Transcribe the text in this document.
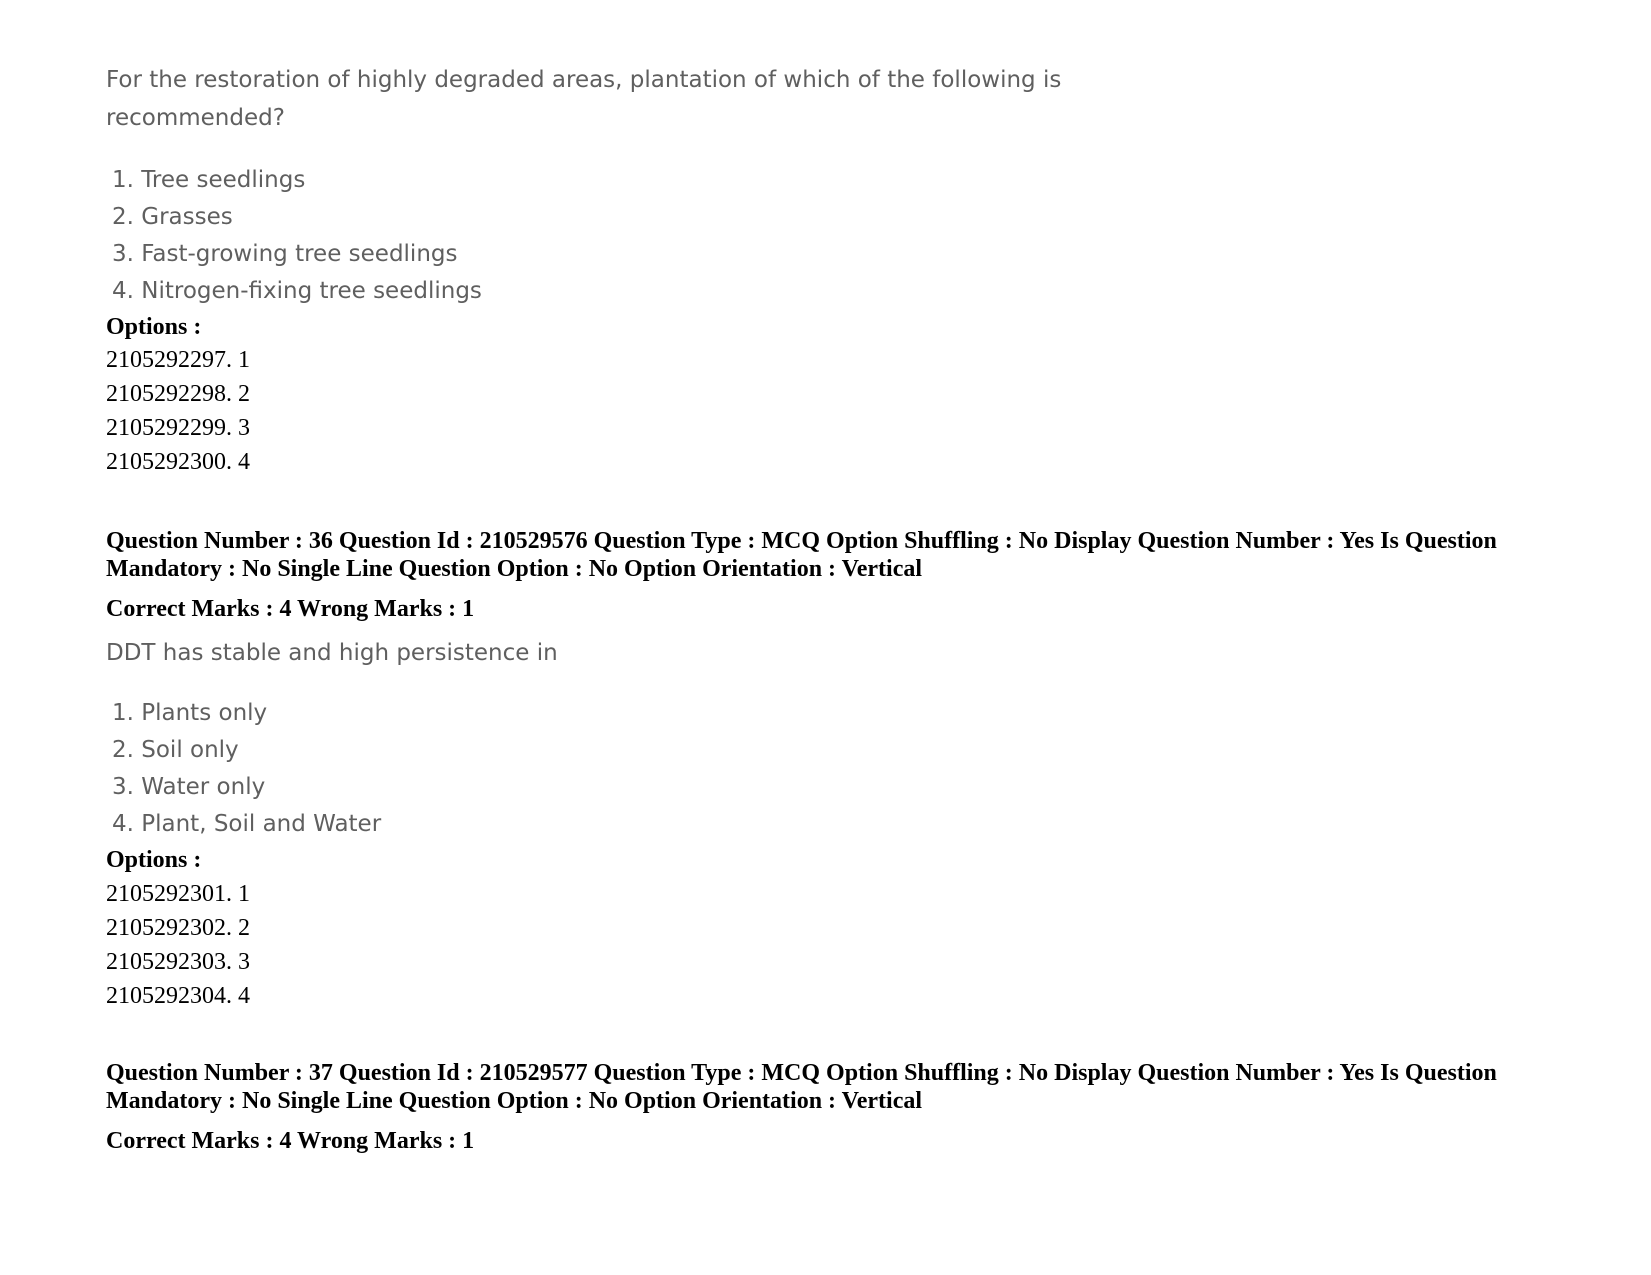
For the restoration of highly degraded areas, plantation of which of the following is
recommended?
1. Tree seedlings
2. Grasses
3. Fast-growing tree seedlings
4. Nitrogen-fixing tree seedlings
Options :
2105292297. 1
2105292298. 2
2105292299. 3
2105292300. 4
Question Number : 36 Question Id : 210529576 Question Type : MCQ Option Shuffling : No Display Question Number : Yes Is Question
Mandatory : No Single Line Question Option : No Option Orientation : Vertical
Correct Marks : 4 Wrong Marks : 1
DDT has stable and high persistence in
1. Plants only
2. Soil only
3. Water only
4. Plant, Soil and Water
Options :
2105292301. 1
2105292302. 2
2105292303. 3
2105292304. 4
Question Number : 37 Question Id : 210529577 Question Type : MCQ Option Shuffling : No Display Question Number : Yes Is Question
Mandatory : No Single Line Question Option : No Option Orientation : Vertical
Correct Marks : 4 Wrong Marks : 1
